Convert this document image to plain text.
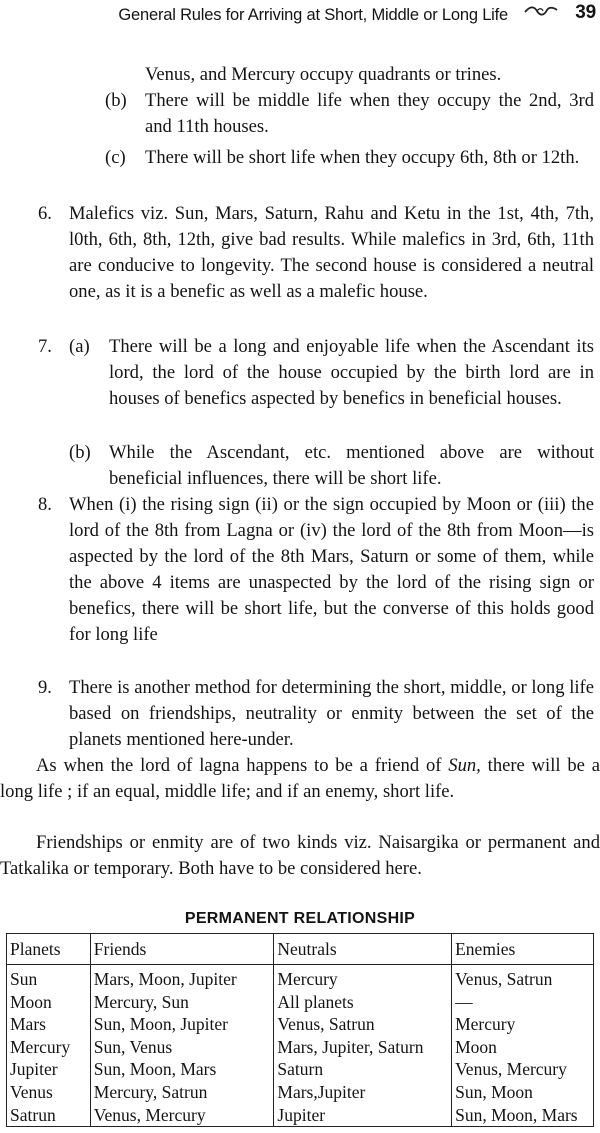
General Rules for Arriving at Short, Middle or Long Life	39

Venus, and Mercury occupy quadrants or trines.

(b) There will be middle life when they occupy the 2nd, 3rd and 11th houses.

(c) There will be short life when they occupy 6th, 8th or 12th.

6. Malefics viz. Sun, Mars, Saturn, Rahu and Ketu in the 1st, 4th, 7th, l0th, 6th, 8th, 12th, give bad results. While malefics in 3rd, 6th, 11th are conducive to longevity. The second house is considered a neutral one, as it is a benefic as well as a malefic house.

7. (a) There will be a long and enjoyable life when the Ascendant its lord, the lord of the house occupied by the birth lord are in houses of benefics aspected by benefics in beneficial houses.

(b) While the Ascendant, etc. mentioned above are without beneficial influences, there will be short life.

8. When (i) the rising sign (ii) or the sign occupied by Moon or (iii) the lord of the 8th from Lagna or (iv) the lord of the 8th from Moon—is aspected by the lord of the 8th Mars, Saturn or some of them, while the above 4 items are unaspected by the lord of the rising sign or benefics, there will be short life, but the converse of this holds good for long life

9. There is another method for determining the short, middle, or long life based on friendships, neutrality or enmity between the set of the planets mentioned here-under.

As when the lord of lagna happens to be a friend of Sun, there will be a long life ; if an equal, middle life; and if an enemy, short life.

Friendships or enmity are of two kinds viz. Naisargika or permanent and Tatkalika or temporary. Both have to be considered here.

PERMANENT RELATIONSHIP
Planets	Friends	Neutrals	Enemies
Sun	Mars, Moon, Jupiter	Mercury	Venus, Satrun
Moon	Mercury, Sun	All planets	—
Mars	Sun, Moon, Jupiter	Venus, Satrun	Mercury
Mercury	Sun, Venus	Mars, Jupiter, Saturn	Moon
Jupiter	Sun, Moon, Mars	Saturn	Venus, Mercury
Venus	Mercury, Satrun	Mars,Jupiter	Sun, Moon
Satrun	Venus, Mercury	Jupiter	Sun, Moon, Mars
